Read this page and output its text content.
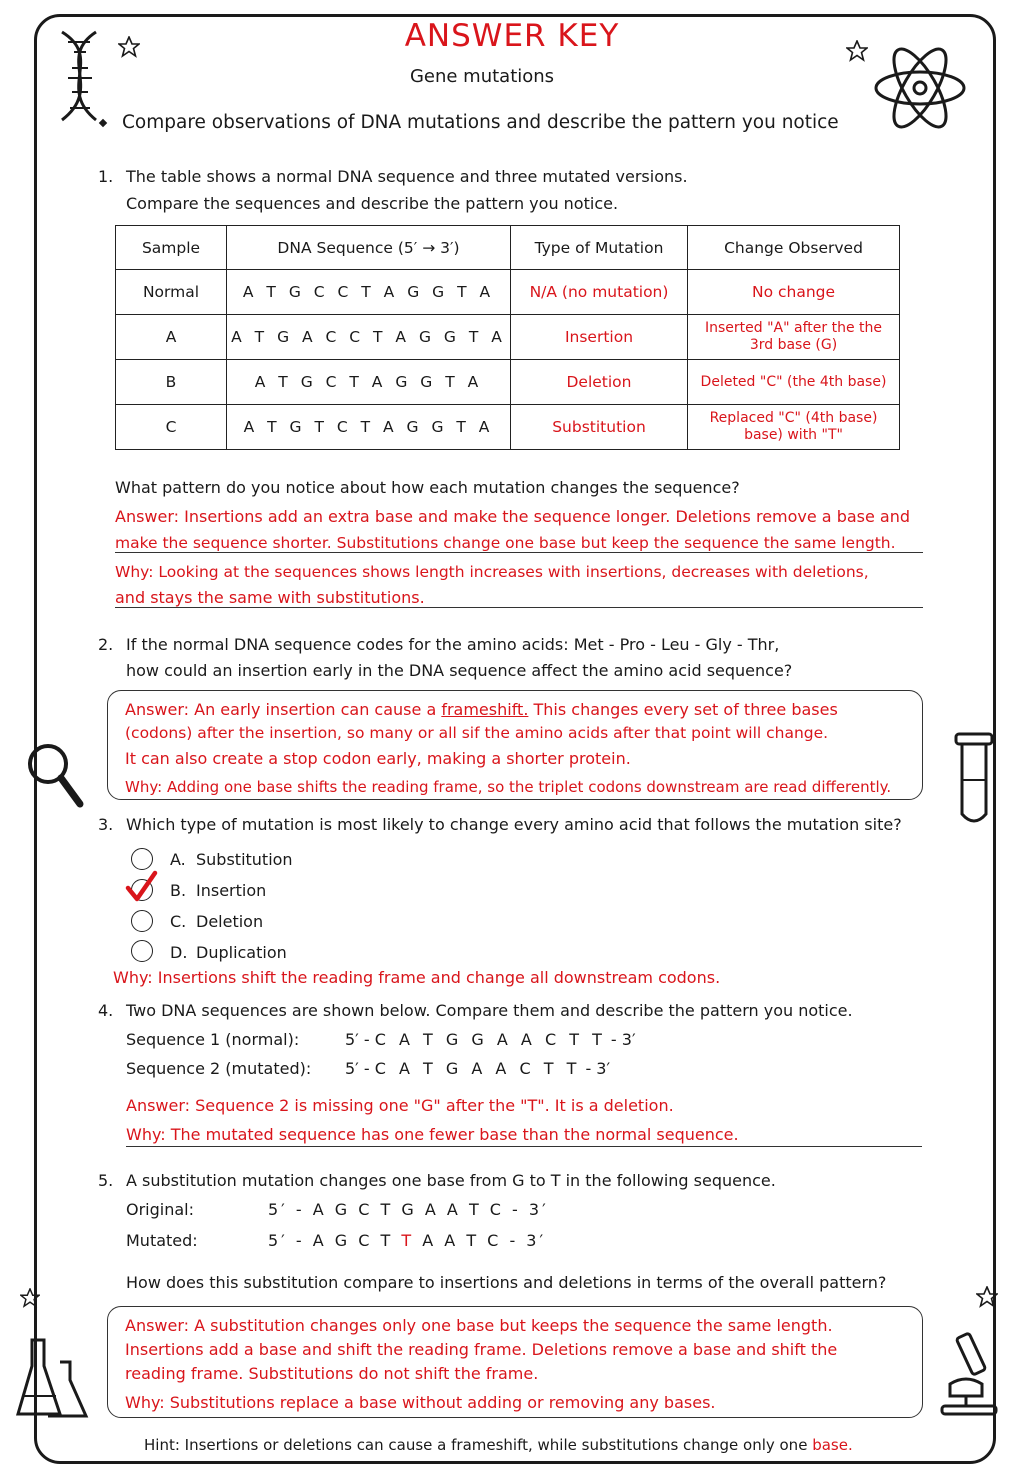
ANSWER KEY
Gene mutations
Compare observations of DNA mutations and describe the pattern you notice
1. The table shows a normal DNA sequence and three mutated versions.
Compare the sequences and describe the pattern you notice.
Sample	DNA Sequence (5′ → 3′)	Type of Mutation	Change Observed
Normal	A T G C C T A G G T A	N/A (no mutation)	No change
A	A T G A C C T A G G T A	Insertion	Inserted "A" after the the 3rd base (G)
B	A T G C T A G G T A	Deletion	Deleted "C" (the 4th base)
C	A T G T C T A G G T A	Substitution	Replaced "C" (4th base) base) with "T"
What pattern do you notice about how each mutation changes the sequence?
Answer: Insertions add an extra base and make the sequence longer. Deletions remove a base and
make the sequence shorter. Substitutions change one base but keep the sequence the same length.
Why: Looking at the sequences shows length increases with insertions, decreases with deletions,
and stays the same with substitutions.
2. If the normal DNA sequence codes for the amino acids: Met - Pro - Leu - Gly - Thr,
how could an insertion early in the DNA sequence affect the amino acid sequence?
Answer: An early insertion can cause a frameshift. This changes every set of three bases
(codons) after the insertion, so many or all sif the amino acids after that point will change.
It can also create a stop codon early, making a shorter protein.
Why: Adding one base shifts the reading frame, so the triplet codons downstream are read differently.
3. Which type of mutation is most likely to change every amino acid that follows the mutation site?
A. Substitution
B. Insertion
C. Deletion
D. Duplication
Why: Insertions shift the reading frame and change all downstream codons.
4. Two DNA sequences are shown below. Compare them and describe the pattern you notice.
Sequence 1 (normal):	5′ - C A T G G A A C T T - 3′
Sequence 2 (mutated): 5′ - C A T G A A C T T - 3′
Answer: Sequence 2 is missing one "G" after the "T". It is a deletion.
Why: The mutated sequence has one fewer base than the normal sequence.
5. A substitution mutation changes one base from G to T in the following sequence.
Original:	5′ - A G C T G A A T C - 3′
Mutated:	5′ - A G C T T A A T C - 3′
How does this substitution compare to insertions and deletions in terms of the overall pattern?
Answer: A substitution changes only one base but keeps the sequence the same length.
Insertions add a base and shift the reading frame. Deletions remove a base and shift the
reading frame. Substitutions do not shift the frame.
Why: Substitutions replace a base without adding or removing any bases.
Hint: Insertions or deletions can cause a frameshift, while substitutions change only one base.
